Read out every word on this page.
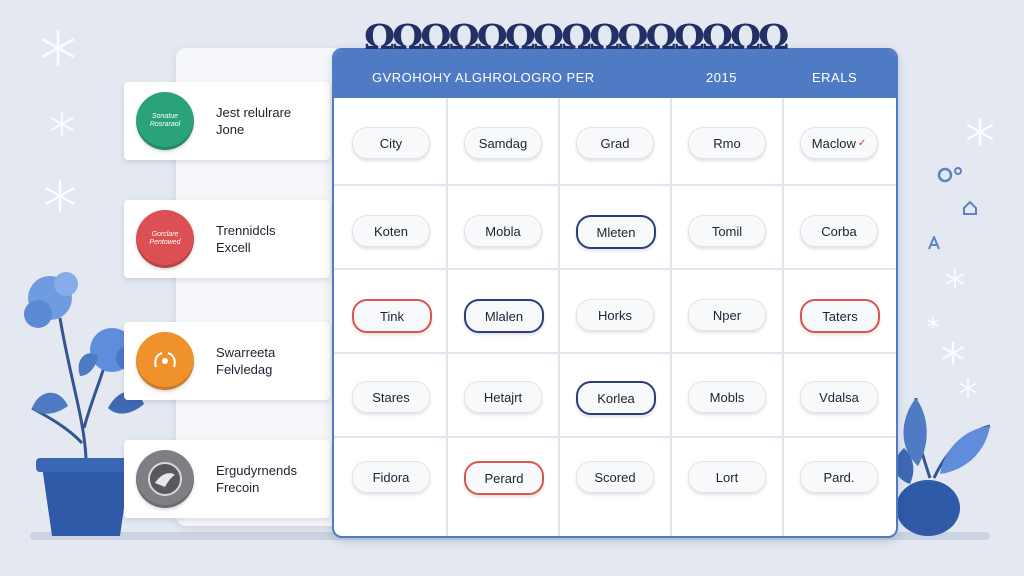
Sonatue Rosraraol
Jest relulrare
Jone
Gorclare Pentowed
Trennidcls
Excell
Swarreeta
Felvledag
Ergudyrnends
Frecoin
GVROHOHY ALGHROLOGRO PER	2015	ERALS
City	Samdag	Grad	Rmo	Maclow ✓
Koten	Mobla	Mleten	Tomil	Corba
Tink	Mlalen	Horks	Nper	Taters
Stares	Hetajrt	Korlea	Mobls	Vdalsa
Fidora	Perard	Scored	Lort	Pard.
ΩΩΩΩΩΩΩΩΩΩΩΩΩΩΩ
